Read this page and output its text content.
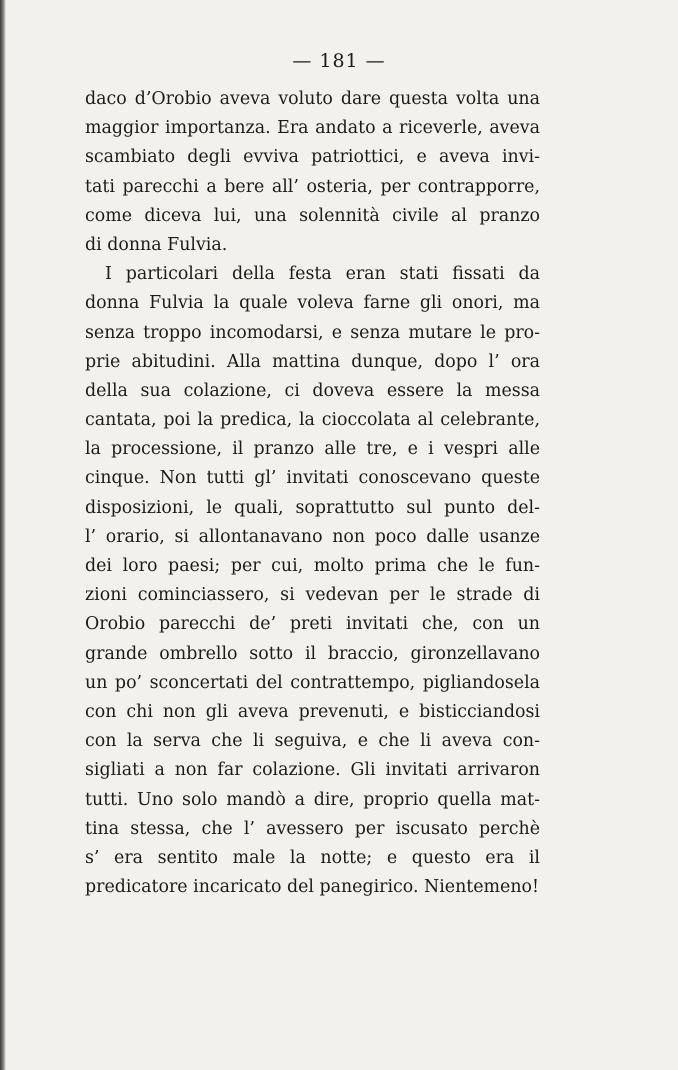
— 181 —
daco d’Orobio aveva voluto dare questa volta una
maggior importanza. Era andato a riceverle, aveva
scambiato degli evviva patriottici, e aveva invi-
tati parecchi a bere all’ osteria, per contrapporre,
come diceva lui, una solennità civile al pranzo
di donna Fulvia.
I particolari della festa eran stati fissati da
donna Fulvia la quale voleva farne gli onori, ma
senza troppo incomodarsi, e senza mutare le pro-
prie abitudini. Alla mattina dunque, dopo l’ ora
della sua colazione, ci doveva essere la messa
cantata, poi la predica, la cioccolata al celebrante,
la processione, il pranzo alle tre, e i vespri alle
cinque. Non tutti gl’ invitati conoscevano queste
disposizioni, le quali, soprattutto sul punto del-
l’ orario, si allontanavano non poco dalle usanze
dei loro paesi; per cui, molto prima che le fun-
zioni cominciassero, si vedevan per le strade di
Orobio parecchi de’ preti invitati che, con un
grande ombrello sotto il braccio, gironzellavano
un po’ sconcertati del contrattempo, pigliandosela
con chi non gli aveva prevenuti, e bisticciandosi
con la serva che li seguiva, e che li aveva con-
sigliati a non far colazione. Gli invitati arrivaron
tutti. Uno solo mandò a dire, proprio quella mat-
tina stessa, che l’ avessero per iscusato perchè
s’ era sentito male la notte; e questo era il
predicatore incaricato del panegirico. Nientemeno!
